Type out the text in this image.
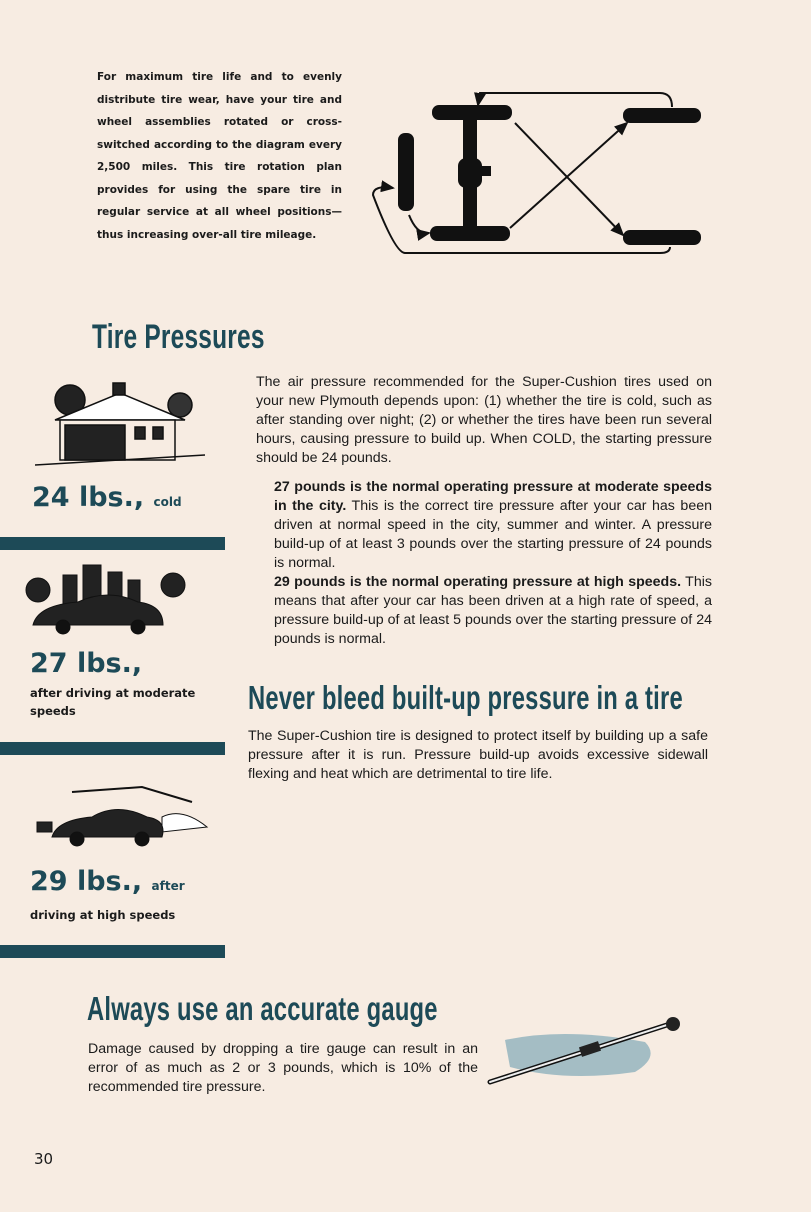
For maximum tire life and to evenly distribute tire wear, have your tire and wheel assemblies rotated or cross-switched according to the diagram every 2,500 miles. This tire rotation plan provides for using the spare tire in regular service at all wheel positions—thus increasing over-all tire mileage.
Tire Pressures
24 lbs., cold
27 lbs.,
after driving at moderate speeds
29 lbs., after
driving at high speeds
The air pressure recommended for the Super-Cushion tires used on your new Plymouth depends upon: (1) whether the tire is cold, such as after standing over night; (2) or whether the tires have been run several hours, causing pressure to build up. When COLD, the starting pressure should be 24 pounds.
27 pounds is the normal operating pressure at moderate speeds in the city. This is the correct tire pressure after your car has been driven at normal speed in the city, summer and winter. A pressure build-up of at least 3 pounds over the starting pressure of 24 pounds is normal.
29 pounds is the normal operating pressure at high speeds. This means that after your car has been driven at a high rate of speed, a pressure build-up of at least 5 pounds over the starting pressure of 24 pounds is normal.
Never bleed built-up pressure in a tire
The Super-Cushion tire is designed to protect itself by building up a safe pressure after it is run. Pressure build-up avoids excessive sidewall flexing and heat which are detrimental to tire life.
Always use an accurate gauge
Damage caused by dropping a tire gauge can result in an error of as much as 2 or 3 pounds, which is 10% of the recommended tire pressure.
30
